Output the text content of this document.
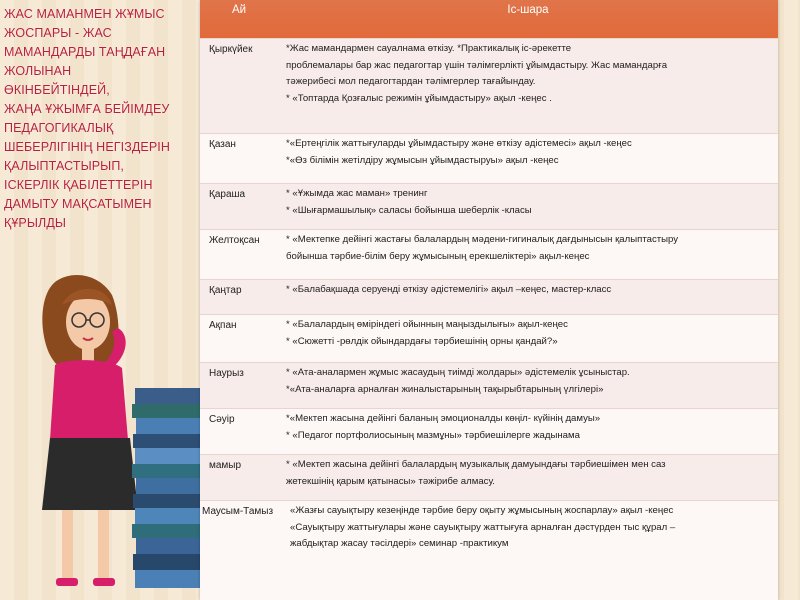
ЖАС МАМАНМЕН ЖҰМЫС
ЖОСПАРЫ - ЖАС
МАМАНДАРДЫ ТАҢДАҒАН
ЖОЛЫНАН
ӨКІНБЕЙТІНДЕЙ,
ЖАҢА ҰЖЫМҒА БЕЙІМДЕУ
ПЕДАГОГИКАЛЫҚ
ШЕБЕРЛІГІНІҢ НЕГІЗДЕРІН
ҚАЛЫПТАСТЫРЫП,
ІСКЕРЛІК ҚАБІЛЕТТЕРІН
ДАМЫТУ МАҚСАТЫМЕН
ҚҰРЫЛДЫ
Ай	Іс-шара
Қыркүйек	*Жас мамандармен сауалнама өткізу. *Практикалық іс-әрекетте
проблемалары бар жас педагогтар үшін тәлімгерлікті ұйымдастыру. Жас мамандарға
тәжерибесі мол педагогтардан тәлімгерлер тағайындау.
* «Топтарда Қозғалыс режимін ұйымдастыру» ақыл -кеңес .
Қазан	*«Ертеңгілік жаттығуларды ұйымдастыру және өткізу әдістемесі» ақыл -кеңес
*«Өз білімін жетілдіру жұмысын ұйымдастыруы» ақыл -кеңес
Қараша	* «Ұжымда жас маман» тренинг
* «Шығармашылық» саласы бойынша шеберлік -класы
Желтоқсан	* «Мектепке дейінгі жастағы балалардың мәдени-гигиналық дағдынысын қалыптастыру
бойынша тәрбие-білім беру жұмысының ерекшеліктері» ақыл-кеңес
Қаңтар	* «Балабақшада серуенді өткізу әдістемелігі» ақыл –кеңес, мастер-класс
Ақпан	* «Балалардың өміріндегі ойынның маңыздылығы» ақыл-кеңес
* «Сюжетті -рөлдік ойындардағы тәрбиешінің орны қандай?»
Наурыз	* «Ата-аналармен жұмыс жасаудың тиімді жолдары» әдістемелік ұсыныстар.
*«Ата-аналарға арналған жиналыстарының тақырыбтарының үлгілері»
Сәуір	*«Мектеп жасына дейінгі баланың эмоционалды көңіл- күйінің дамуы»
* «Педагог портфолиосының мазмұны» тәрбиешілерге жадынама
мамыр	* «Мектеп жасына дейінгі балалардың музыкалық дамуындағы тәрбиешімен мен саз
жетекшінің қарым қатынасы» тәжірибе алмасу.
Маусым-Тамыз	«Жазғы сауықтыру кезеңінде тәрбие беру оқыту жұмысының жоспарлау» ақыл -кеңес
«Сауықтыру жаттығулары және сауықтыру жаттығуға арналған дәстүрден тыс құрал –
жабдықтар жасау тәсілдері» семинар -практикум
